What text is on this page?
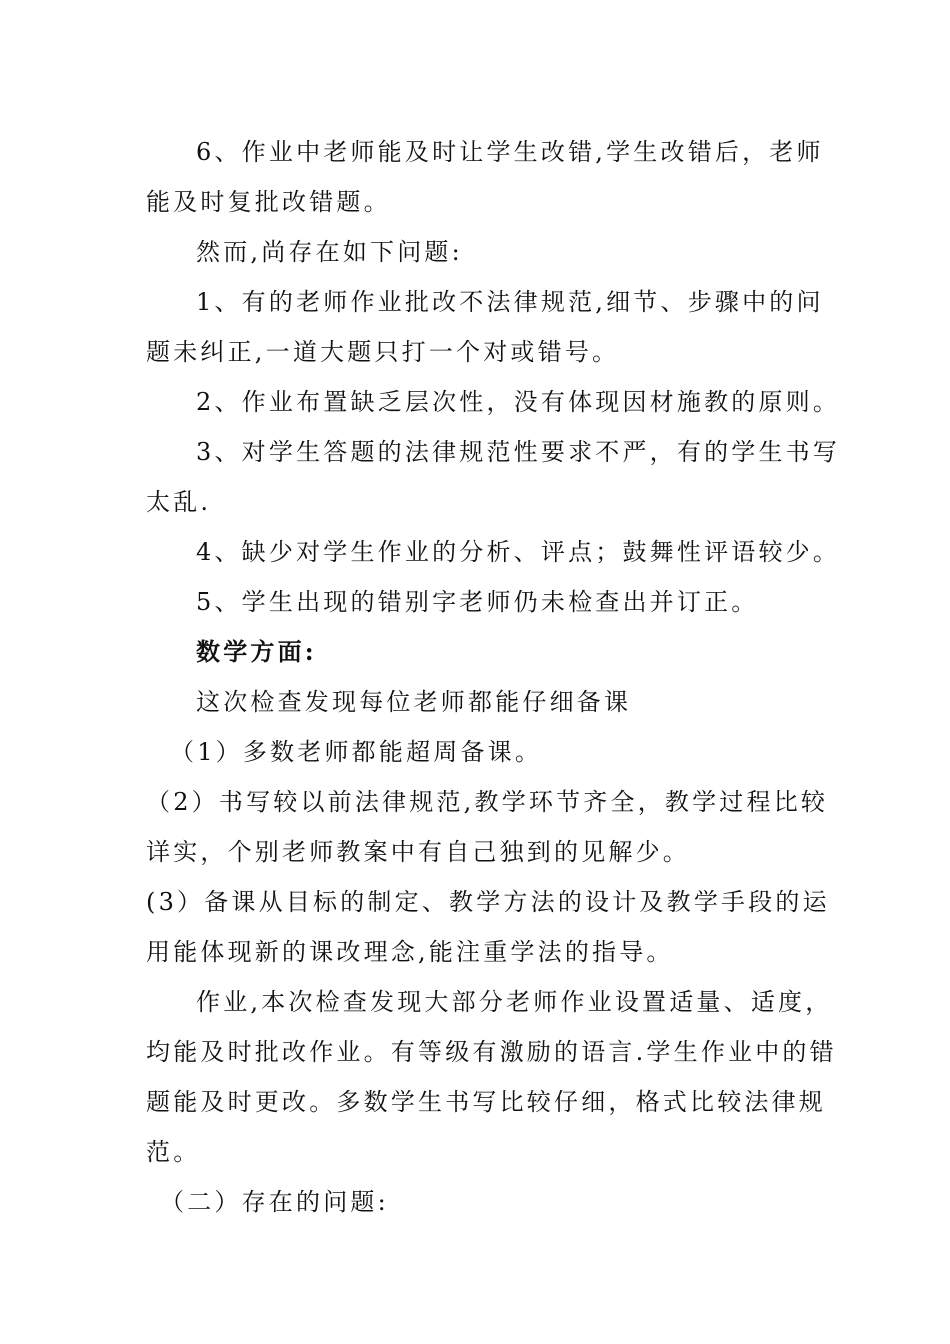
6、作业中老师能及时让学生改错,学生改错后，老师
能及时复批改错题。
然而,尚存在如下问题:
1、有的老师作业批改不法律规范,细节、步骤中的问
题未纠正,一道大题只打一个对或错号。
2、作业布置缺乏层次性，没有体现因材施教的原则。
3、对学生答题的法律规范性要求不严，有的学生书写
太乱.
4、缺少对学生作业的分析、评点；鼓舞性评语较少。
5、学生出现的错别字老师仍未检查出并订正。
数学方面:
这次检查发现每位老师都能仔细备课
（1）多数老师都能超周备课。
（2）书写较以前法律规范,教学环节齐全，教学过程比较
详实，个别老师教案中有自己独到的见解少。
(3）备课从目标的制定、教学方法的设计及教学手段的运
用能体现新的课改理念,能注重学法的指导。
作业,本次检查发现大部分老师作业设置适量、适度，
均能及时批改作业。有等级有激励的语言.学生作业中的错
题能及时更改。多数学生书写比较仔细，格式比较法律规
范。
（二）存在的问题:
